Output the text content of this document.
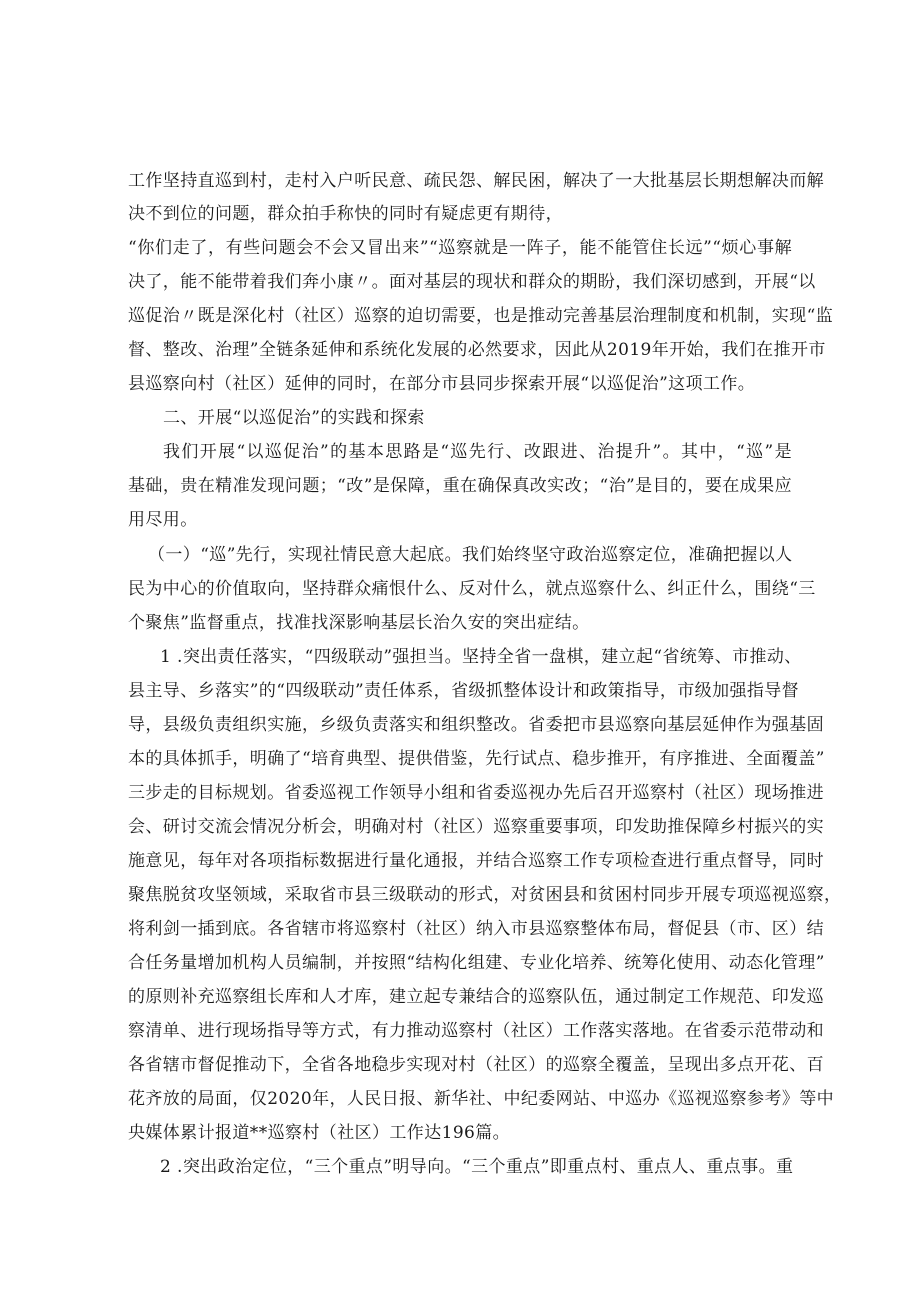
工作坚持直巡到村，走村入户听民意、疏民怨、解民困，解决了一大批基层长期想解决而解
决不到位的问题，群众拍手称快的同时有疑虑更有期待，
“你们走了，有些问题会不会又冒出来”“巡察就是一阵子，能不能管住长远”“烦心事解
决了，能不能带着我们奔小康〃。面对基层的现状和群众的期盼，我们深切感到，开展“以
巡促治〃既是深化村（社区）巡察的迫切需要，也是推动完善基层治理制度和机制，实现“监
督、整改、治理”全链条延伸和系统化发展的必然要求，因此从2019年开始，我们在推开市
县巡察向村（社区）延伸的同时，在部分市县同步探索开展“以巡促治”这项工作。
二、开展“以巡促治”的实践和探索
我们开展“以巡促治”的基本思路是“巡先行、改跟进、治提升”。其中，“巡”是
基础，贵在精准发现问题；“改”是保障，重在确保真改实改；“治”是目的，要在成果应
用尽用。
（一）“巡”先行，实现社情民意大起底。我们始终坚守政治巡察定位，准确把握以人
民为中心的价值取向，坚持群众痛恨什么、反对什么，就点巡察什么、纠正什么，围绕“三
个聚焦”监督重点，找准找深影响基层长治久安的突出症结。
1 .突出责任落实，“四级联动”强担当。坚持全省一盘棋，建立起“省统筹、市推动、
县主导、乡落实”的“四级联动”责任体系，省级抓整体设计和政策指导，市级加强指导督
导，县级负责组织实施，乡级负责落实和组织整改。省委把市县巡察向基层延伸作为强基固
本的具体抓手，明确了“培育典型、提供借鉴，先行试点、稳步推开，有序推进、全面覆盖”
三步走的目标规划。省委巡视工作领导小组和省委巡视办先后召开巡察村（社区）现场推进
会、研讨交流会情况分析会，明确对村（社区）巡察重要事项，印发助推保障乡村振兴的实
施意见，每年对各项指标数据进行量化通报，并结合巡察工作专项检查进行重点督导，同时
聚焦脱贫攻坚领域，采取省市县三级联动的形式，对贫困县和贫困村同步开展专项巡视巡察，
将利剑一插到底。各省辖市将巡察村（社区）纳入市县巡察整体布局，督促县（市、区）结
合任务量增加机构人员编制，并按照“结构化组建、专业化培养、统筹化使用、动态化管理”
的原则补充巡察组长库和人才库，建立起专兼结合的巡察队伍，通过制定工作规范、印发巡
察清单、进行现场指导等方式，有力推动巡察村（社区）工作落实落地。在省委示范带动和
各省辖市督促推动下，全省各地稳步实现对村（社区）的巡察全覆盖，呈现出多点开花、百
花齐放的局面，仅2020年，人民日报、新华社、中纪委网站、中巡办《巡视巡察参考》等中
央媒体累计报道**巡察村（社区）工作达196篇。
2 .突出政治定位，“三个重点”明导向。“三个重点”即重点村、重点人、重点事。重
